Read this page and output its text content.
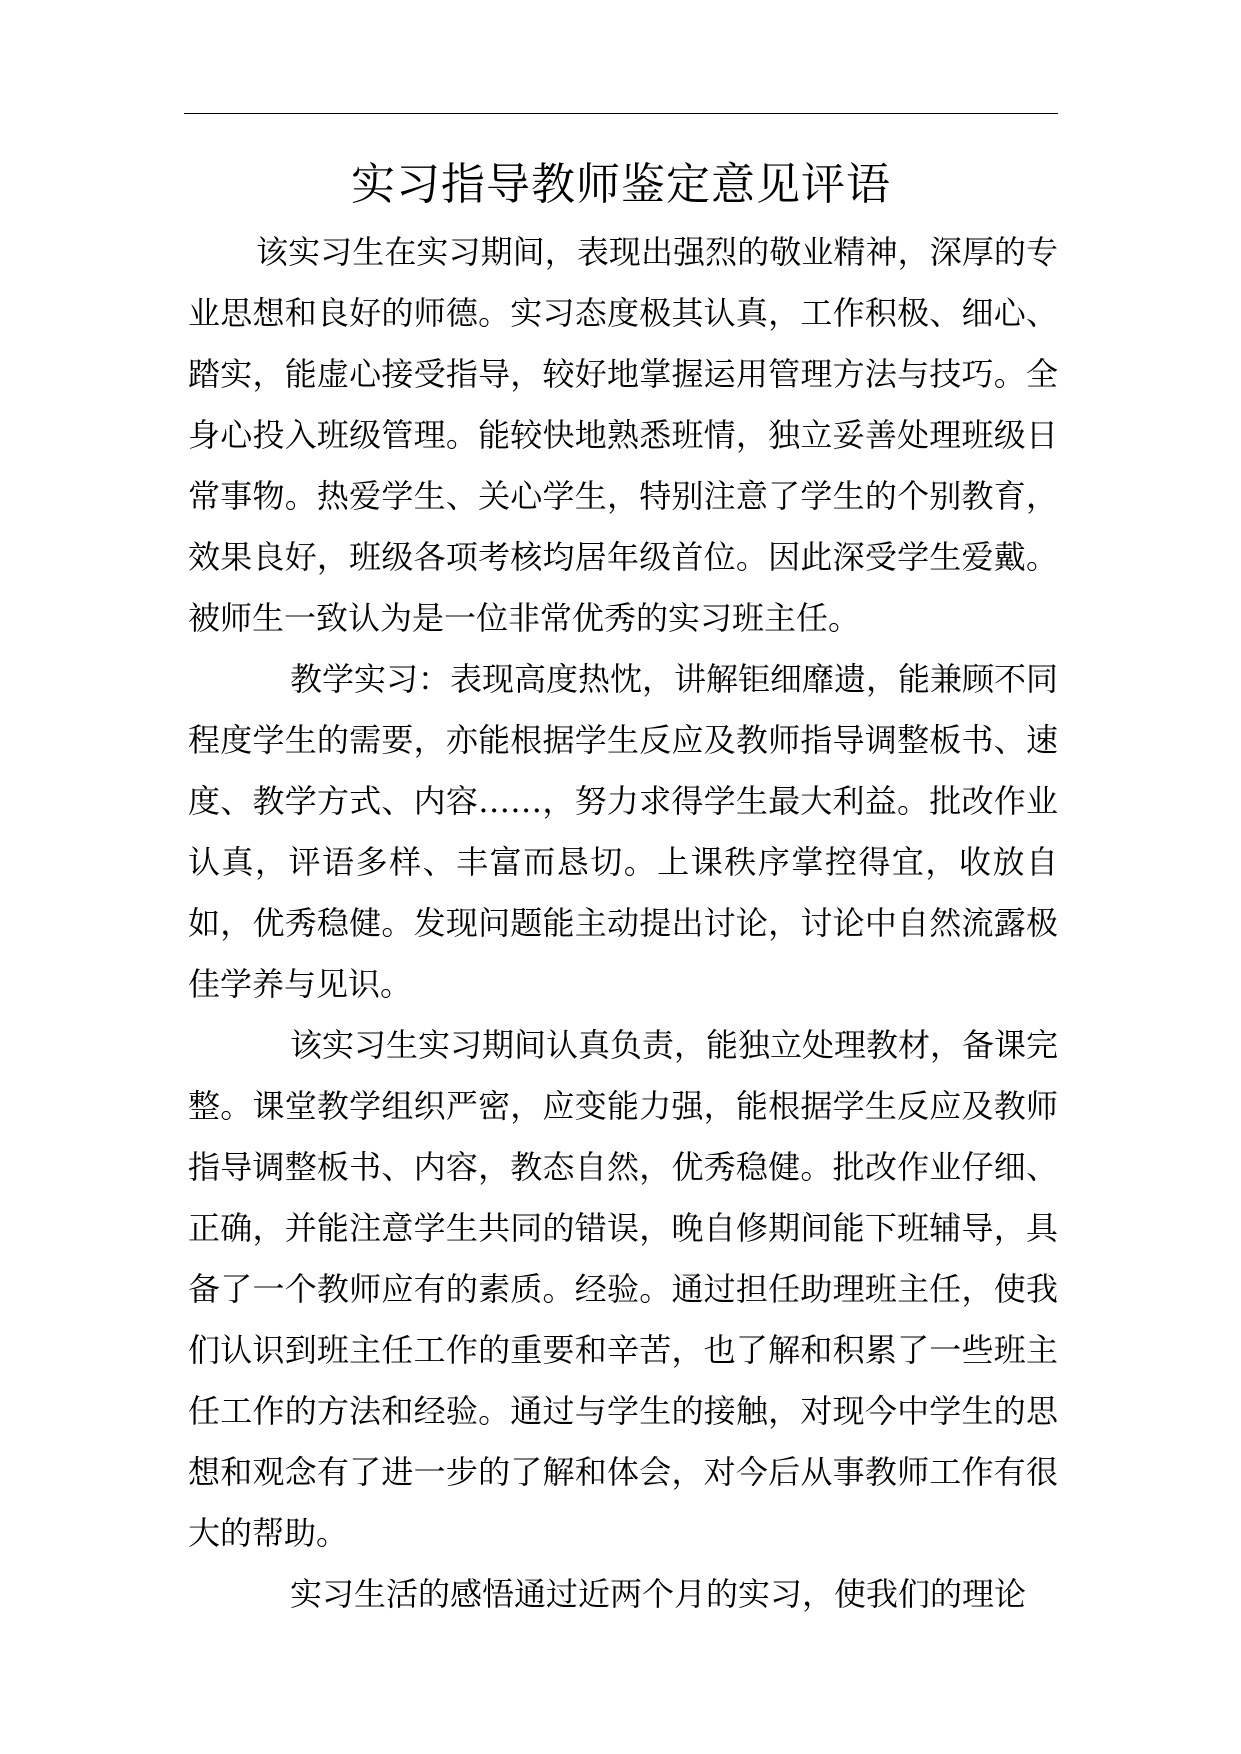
实习指导教师鉴定意见评语

该实习生在实习期间，表现出强烈的敬业精神，深厚的专业思想和良好的师德。实习态度极其认真，工作积极、细心、踏实，能虚心接受指导，较好地掌握运用管理方法与技巧。全身心投入班级管理。能较快地熟悉班情，独立妥善处理班级日常事物。热爱学生、关心学生，特别注意了学生的个别教育，效果良好，班级各项考核均居年级首位。因此深受学生爱戴。被师生一致认为是一位非常优秀的实习班主任。

教学实习：表现高度热忱，讲解钜细靡遗，能兼顾不同程度学生的需要，亦能根据学生反应及教师指导调整板书、速度、教学方式、内容……，努力求得学生最大利益。批改作业认真，评语多样、丰富而恳切。上课秩序掌控得宜，收放自如，优秀稳健。发现问题能主动提出讨论，讨论中自然流露极佳学养与见识。

该实习生实习期间认真负责，能独立处理教材，备课完整。课堂教学组织严密，应变能力强，能根据学生反应及教师指导调整板书、内容，教态自然，优秀稳健。批改作业仔细、正确，并能注意学生共同的错误，晚自修期间能下班辅导，具备了一个教师应有的素质。经验。通过担任助理班主任，使我们认识到班主任工作的重要和辛苦，也了解和积累了一些班主任工作的方法和经验。通过与学生的接触，对现今中学生的思想和观念有了进一步的了解和体会，对今后从事教师工作有很大的帮助。

实习生活的感悟通过近两个月的实习，使我们的理论
